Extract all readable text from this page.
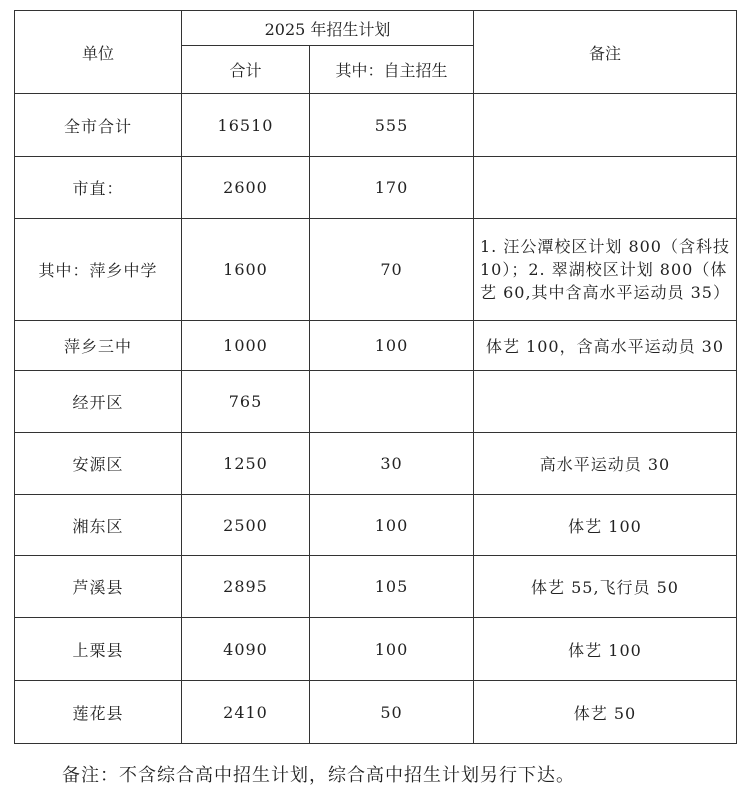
单位	2025 年招生计划		备注
	合计	其中：自主招生	
全市合计	16510	555	
市直：	2600	170	
其中：萍乡中学	1600	70	1. 汪公潭校区计划 800（含科技 10）；2. 翠湖校区计划 800（体艺 60,其中含高水平运动员 35）
萍乡三中	1000	100	体艺 100，含高水平运动员 30
经开区	765		
安源区	1250	30	高水平运动员 30
湘东区	2500	100	体艺 100
芦溪县	2895	105	体艺 55,飞行员 50
上栗县	4090	100	体艺 100
莲花县	2410	50	体艺 50
备注：不含综合高中招生计划，综合高中招生计划另行下达。
